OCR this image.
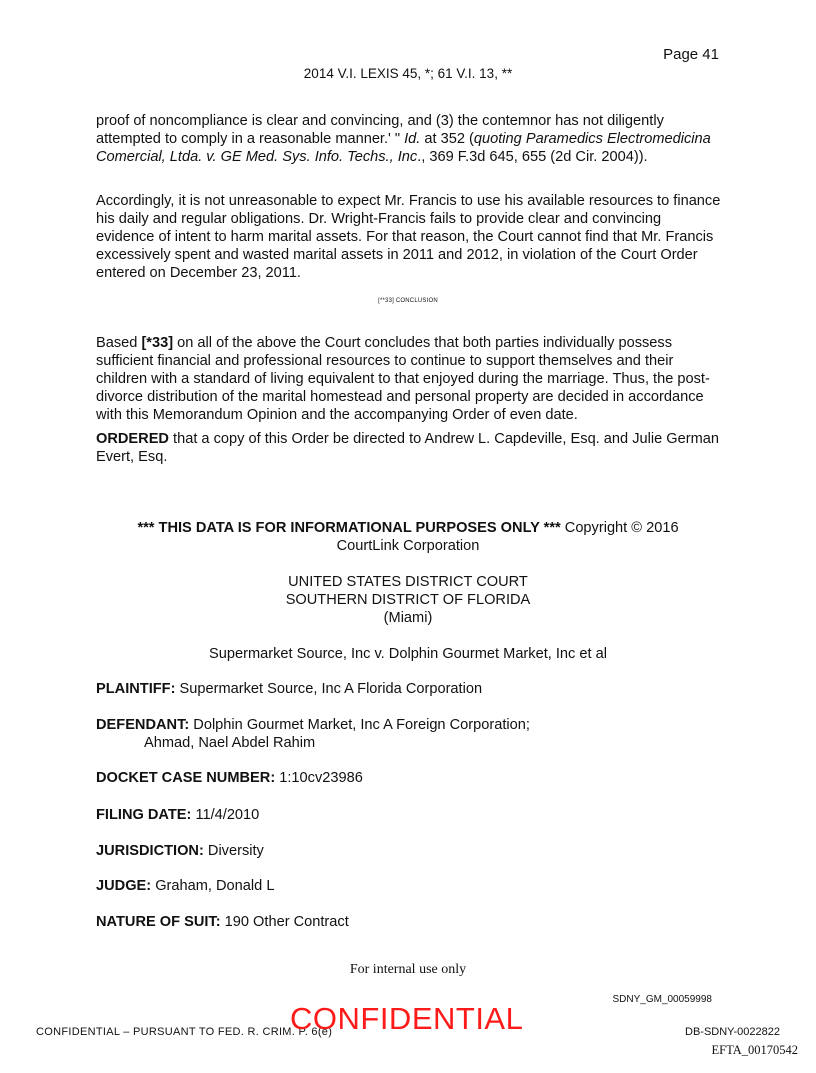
Page 41
2014 V.I. LEXIS 45, *; 61 V.I. 13, **

proof of noncompliance is clear and convincing, and (3) the contemnor has not diligently attempted to comply in a reasonable manner.' " Id. at 352 (quoting Paramedics Electromedicina Comercial, Ltda. v. GE Med. Sys. Info. Techs., Inc., 369 F.3d 645, 655 (2d Cir. 2004)).

Accordingly, it is not unreasonable to expect Mr. Francis to use his available resources to finance his daily and regular obligations. Dr. Wright-Francis fails to provide clear and convincing evidence of intent to harm marital assets. For that reason, the Court cannot find that Mr. Francis excessively spent and wasted marital assets in 2011 and 2012, in violation of the Court Order entered on December 23, 2011.

[**33] CONCLUSION

Based [*33] on all of the above the Court concludes that both parties individually possess sufficient financial and professional resources to continue to support themselves and their children with a standard of living equivalent to that enjoyed during the marriage. Thus, the post-divorce distribution of the marital homestead and personal property are decided in accordance with this Memorandum Opinion and the accompanying Order of even date.

ORDERED that a copy of this Order be directed to Andrew L. Capdeville, Esq. and Julie German Evert, Esq.

*** THIS DATA IS FOR INFORMATIONAL PURPOSES ONLY *** Copyright © 2016
CourtLink Corporation
UNITED STATES DISTRICT COURT
SOUTHERN DISTRICT OF FLORIDA
(Miami)
Supermarket Source, Inc v. Dolphin Gourmet Market, Inc et al
PLAINTIFF: Supermarket Source, Inc A Florida Corporation
DEFENDANT: Dolphin Gourmet Market, Inc A Foreign Corporation;
Ahmad, Nael Abdel Rahim
DOCKET CASE NUMBER: 1:10cv23986
FILING DATE: 11/4/2010
JURISDICTION: Diversity
JUDGE: Graham, Donald L
NATURE OF SUIT: 190 Other Contract
For internal use only
SDNY_GM_00059998
CONFIDENTIAL – PURSUANT TO FED. R. CRIM. P. 6(e)
CONFIDENTIAL	DB-SDNY-0022822
EFTA_00170542
